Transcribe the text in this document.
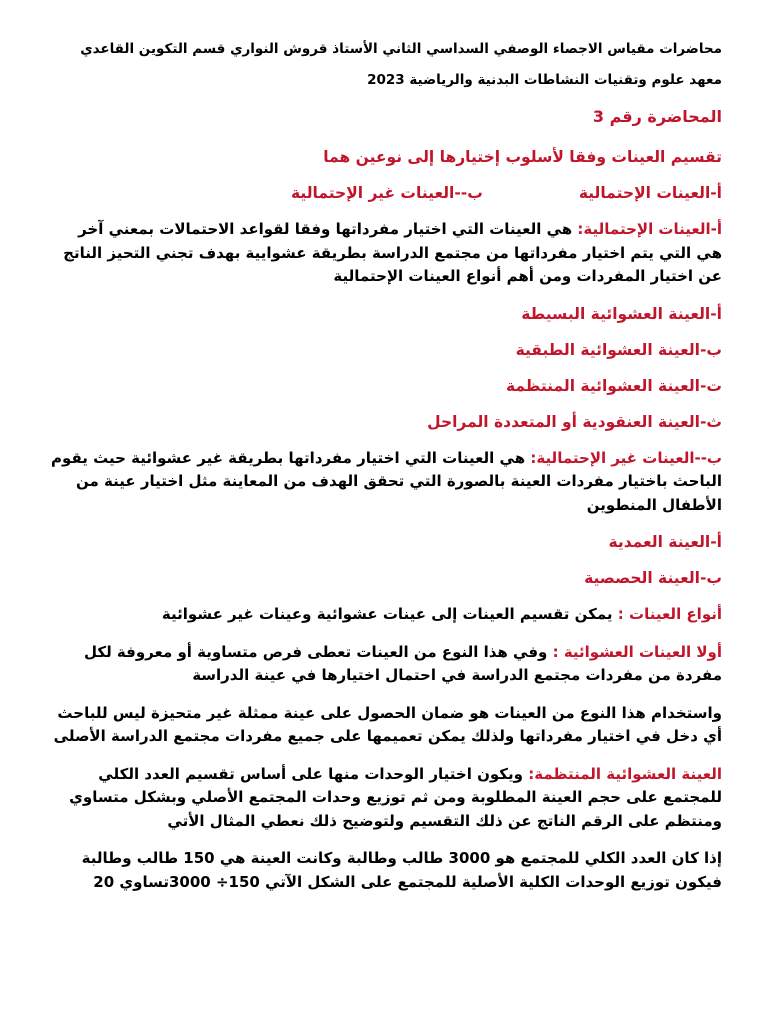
محاضرات مقياس الاجصاء الوصفي السداسي الثاني الأستاذ قروش النواري قسم التكوين القاعدي معهد علوم وتقنيات النشاطات البدنية والرياضية 2023

المحاضرة رقم 3

تقسيم العينات وفقا لأسلوب إختيارها إلى نوعين هما

أ-العينات الإحتمالية

ب--العينات غير الإحتمالية

أ-العينات الإحتمالية: هي العينات التي اختيار مفرداتها وفقا لقواعد الاحتمالات بمعني آخر هي التي يتم اختيار مفرداتها من مجتمع الدراسة بطريقة عشوايية بهدف تجني التحيز الناتج عن اختيار المفردات ومن أهم أنواع العينات الإحتمالية

أ-العينة العشوائية البسيطة

ب-العينة العشوائية الطبقية

ت-العينة العشوائية المنتظمة

ث-العينة العنقودية أو المتعددة المراحل

ب--العينات غير الإحتمالية: هي العينات التي اختيار مفرداتها بطريقة غير عشوائية حيث يقوم الباحث باختيار مفردات العينة بالصورة التي تحقق الهدف من المعاينة مثل اختيار عينة من الأطفال المنطوين

أ-العينة العمدية

ب-العينة الحصصية

أنواع العينات : يمكن تقسيم العينات إلى عينات عشوائية وعينات غير عشوائية

أولا العينات العشوائية : وفي هذا النوع من العينات تعطى فرص متساوية أو معروفة لكل مفردة من مفردات مجتمع الدراسة في احتمال اختيارها في عينة الدراسة

واستخدام هذا النوع من العينات هو ضمان الحصول على عينة ممثلة غير متحيزة ليس للباحث أي دخل في اختيار مفرداتها ولذلك يمكن تعميمها على جميع مفردات مجتمع الدراسة الأصلى

العينة العشوائية المنتظمة: ويكون اختيار الوحدات منها على أساس تقسيم العدد الكلي للمجتمع على حجم العينة المطلوبة ومن ثم توزيع وحدات المجتمع الأصلي وبشكل متساوي ومنتظم على الرقم الناتج عن ذلك التقسيم ولتوضيح ذلك نعطي المثال الأتي

إذا كان العدد الكلي للمجتمع هو 3000 طالب وطالبة وكانت العينة هي 150 طالب وطالبة فيكون توزيع الوحدات الكلية الأصلية للمجتمع على الشكل الآتي 150÷ 3000تساوي 20
